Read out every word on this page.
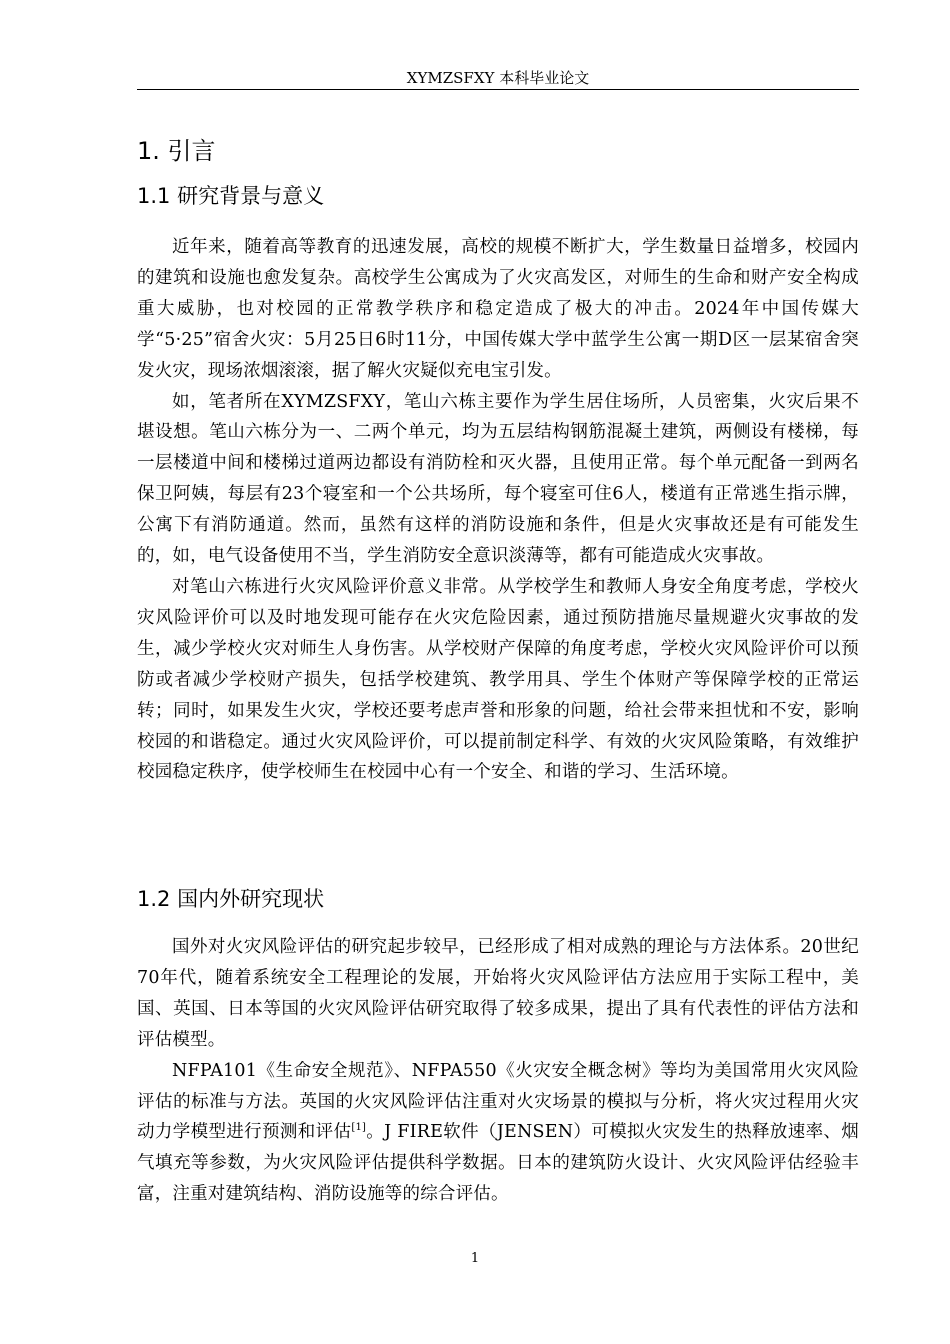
XYMZSFXY 本科毕业论文
1. 引言
1.1 研究背景与意义

近年来，随着高等教育的迅速发展，高校的规模不断扩大，学生数量日益增多，校园内的建筑和设施也愈发复杂。高校学生公寓成为了火灾高发区，对师生的生命和财产安全构成重大威胁，也对校园的正常教学秩序和稳定造成了极大的冲击。2024年中国传媒大学“5·25”宿舍火灾：5月25日6时11分，中国传媒大学中蓝学生公寓一期D区一层某宿舍突发火灾，现场浓烟滚滚，据了解火灾疑似充电宝引发。

如，笔者所在XYMZSFXY，笔山六栋主要作为学生居住场所，人员密集，火灾后果不堪设想。笔山六栋分为一、二两个单元，均为五层结构钢筋混凝土建筑，两侧设有楼梯，每一层楼道中间和楼梯过道两边都设有消防栓和灭火器，且使用正常。每个单元配备一到两名保卫阿姨，每层有23个寝室和一个公共场所，每个寝室可住6人，楼道有正常逃生指示牌，公寓下有消防通道。然而，虽然有这样的消防设施和条件，但是火灾事故还是有可能发生的，如，电气设备使用不当，学生消防安全意识淡薄等，都有可能造成火灾事故。

对笔山六栋进行火灾风险评价意义非常。从学校学生和教师人身安全角度考虑，学校火灾风险评价可以及时地发现可能存在火灾危险因素，通过预防措施尽量规避火灾事故的发生，减少学校火灾对师生人身伤害。从学校财产保障的角度考虑，学校火灾风险评价可以预防或者减少学校财产损失，包括学校建筑、教学用具、学生个体财产等保障学校的正常运转；同时，如果发生火灾，学校还要考虑声誉和形象的问题，给社会带来担忧和不安，影响校园的和谐稳定。通过火灾风险评价，可以提前制定科学、有效的火灾风险策略，有效维护校园稳定秩序，使学校师生在校园中心有一个安全、和谐的学习、生活环境。

1.2 国内外研究现状

国外对火灾风险评估的研究起步较早，已经形成了相对成熟的理论与方法体系。20世纪70年代，随着系统安全工程理论的发展，开始将火灾风险评估方法应用于实际工程中，美国、英国、日本等国的火灾风险评估研究取得了较多成果，提出了具有代表性的评估方法和评估模型。

NFPA101《生命安全规范》、NFPA550《火灾安全概念树》等均为美国常用火灾风险评估的标准与方法。英国的火灾风险评估注重对火灾场景的模拟与分析，将火灾过程用火灾动力学模型进行预测和评估[1]。J FIRE软件（JENSEN）可模拟火灾发生的热释放速率、烟气填充等参数，为火灾风险评估提供科学数据。日本的建筑防火设计、火灾风险评估经验丰富，注重对建筑结构、消防设施等的综合评估。

1
